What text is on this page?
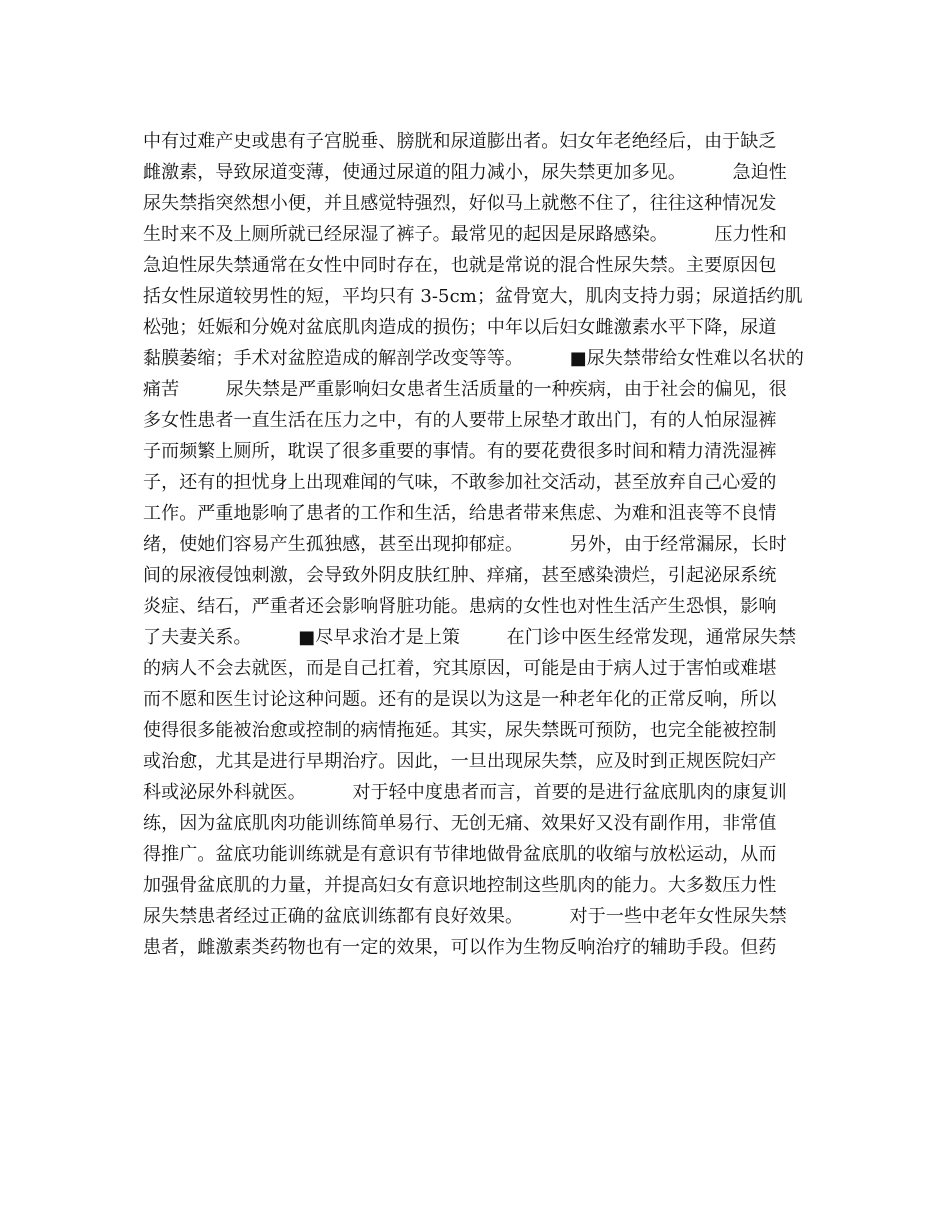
中有过难产史或患有子宫脱垂、膀胱和尿道膨出者。妇女年老绝经后，由于缺乏
雌激素，导致尿道变薄，使通过尿道的阻力减小，尿失禁更加多见。        急迫性
尿失禁指突然想小便，并且感觉特强烈，好似马上就憋不住了，往往这种情况发
生时来不及上厕所就已经尿湿了裤子。最常见的起因是尿路感染。        压力性和
急迫性尿失禁通常在女性中同时存在，也就是常说的混合性尿失禁。主要原因包
括女性尿道较男性的短，平均只有 3-5cm；盆骨宽大，肌肉支持力弱；尿道括约肌
松弛；妊娠和分娩对盆底肌肉造成的损伤；中年以后妇女雌激素水平下降，尿道
黏膜萎缩；手术对盆腔造成的解剖学改变等等。        ■尿失禁带给女性难以名状的
痛苦        尿失禁是严重影响妇女患者生活质量的一种疾病，由于社会的偏见，很
多女性患者一直生活在压力之中，有的人要带上尿垫才敢出门，有的人怕尿湿裤
子而频繁上厕所，耽误了很多重要的事情。有的要花费很多时间和精力清洗湿裤
子，还有的担忧身上出现难闻的气味，不敢参加社交活动，甚至放弃自己心爱的
工作。严重地影响了患者的工作和生活，给患者带来焦虑、为难和沮丧等不良情
绪，使她们容易产生孤独感，甚至出现抑郁症。        另外，由于经常漏尿，长时
间的尿液侵蚀刺激，会导致外阴皮肤红肿、痒痛，甚至感染溃烂，引起泌尿系统
炎症、结石，严重者还会影响肾脏功能。患病的女性也对性生活产生恐惧，影响
了夫妻关系。        ■尽早求治才是上策        在门诊中医生经常发现，通常尿失禁
的病人不会去就医，而是自己扛着，究其原因，可能是由于病人过于害怕或难堪
而不愿和医生讨论这种问题。还有的是误以为这是一种老年化的正常反响，所以
使得很多能被治愈或控制的病情拖延。其实，尿失禁既可预防，也完全能被控制
或治愈，尤其是进行早期治疗。因此，一旦出现尿失禁，应及时到正规医院妇产
科或泌尿外科就医。        对于轻中度患者而言，首要的是进行盆底肌肉的康复训
练，因为盆底肌肉功能训练简单易行、无创无痛、效果好又没有副作用，非常值
得推广。盆底功能训练就是有意识有节律地做骨盆底肌的收缩与放松运动，从而
加强骨盆底肌的力量，并提高妇女有意识地控制这些肌肉的能力。大多数压力性
尿失禁患者经过正确的盆底训练都有良好效果。        对于一些中老年女性尿失禁
患者，雌激素类药物也有一定的效果，可以作为生物反响治疗的辅助手段。但药
